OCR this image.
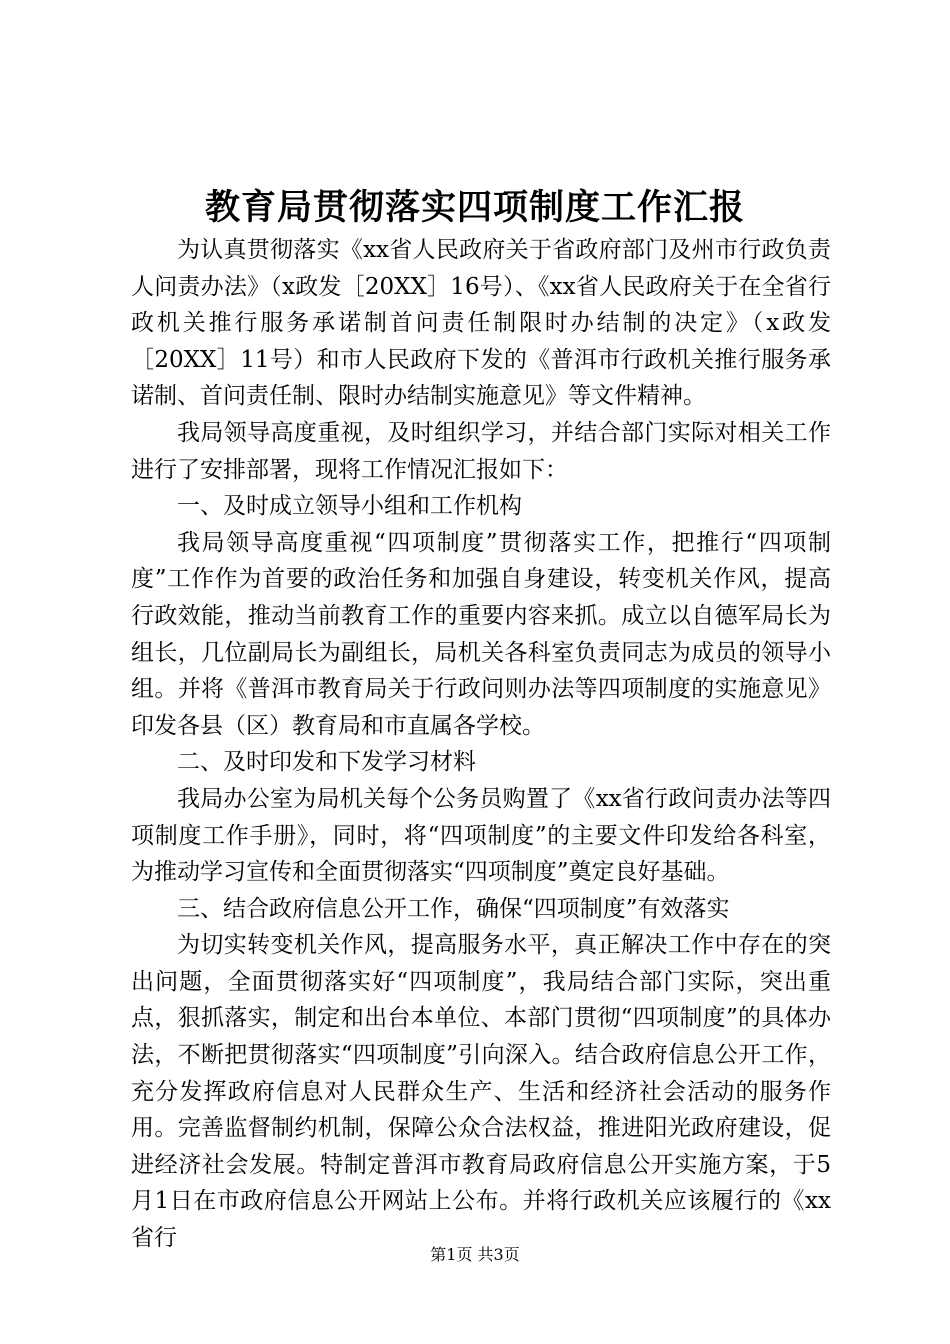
教育局贯彻落实四项制度工作汇报

为认真贯彻落实《xx省人民政府关于省政府部门及州市行政负责人问责办法》（x政发［20XX］16号）、《xx省人民政府关于在全省行政机关推行服务承诺制首问责任制限时办结制的决定》（x政发［20XX］11号）和市人民政府下发的《普洱市行政机关推行服务承诺制、首问责任制、限时办结制实施意见》等文件精神。

我局领导高度重视，及时组织学习，并结合部门实际对相关工作进行了安排部署，现将工作情况汇报如下：

一、及时成立领导小组和工作机构

我局领导高度重视“四项制度”贯彻落实工作，把推行“四项制度”工作作为首要的政治任务和加强自身建设，转变机关作风，提高行政效能，推动当前教育工作的重要内容来抓。成立以自德军局长为组长，几位副局长为副组长，局机关各科室负责同志为成员的领导小组。并将《普洱市教育局关于行政问则办法等四项制度的实施意见》印发各县（区）教育局和市直属各学校。

二、及时印发和下发学习材料

我局办公室为局机关每个公务员购置了《xx省行政问责办法等四项制度工作手册》，同时，将“四项制度”的主要文件印发给各科室，为推动学习宣传和全面贯彻落实“四项制度”奠定良好基础。

三、结合政府信息公开工作，确保“四项制度”有效落实

为切实转变机关作风，提高服务水平，真正解决工作中存在的突出问题，全面贯彻落实好“四项制度”，我局结合部门实际，突出重点，狠抓落实，制定和出台本单位、本部门贯彻“四项制度”的具体办法，不断把贯彻落实“四项制度”引向深入。结合政府信息公开工作，充分发挥政府信息对人民群众生产、生活和经济社会活动的服务作用。完善监督制约机制，保障公众合法权益，推进阳光政府建设，促进经济社会发展。特制定普洱市教育局政府信息公开实施方案，于5月1日在市政府信息公开网站上公布。并将行政机关应该履行的《xx省行

第1页 共3页
